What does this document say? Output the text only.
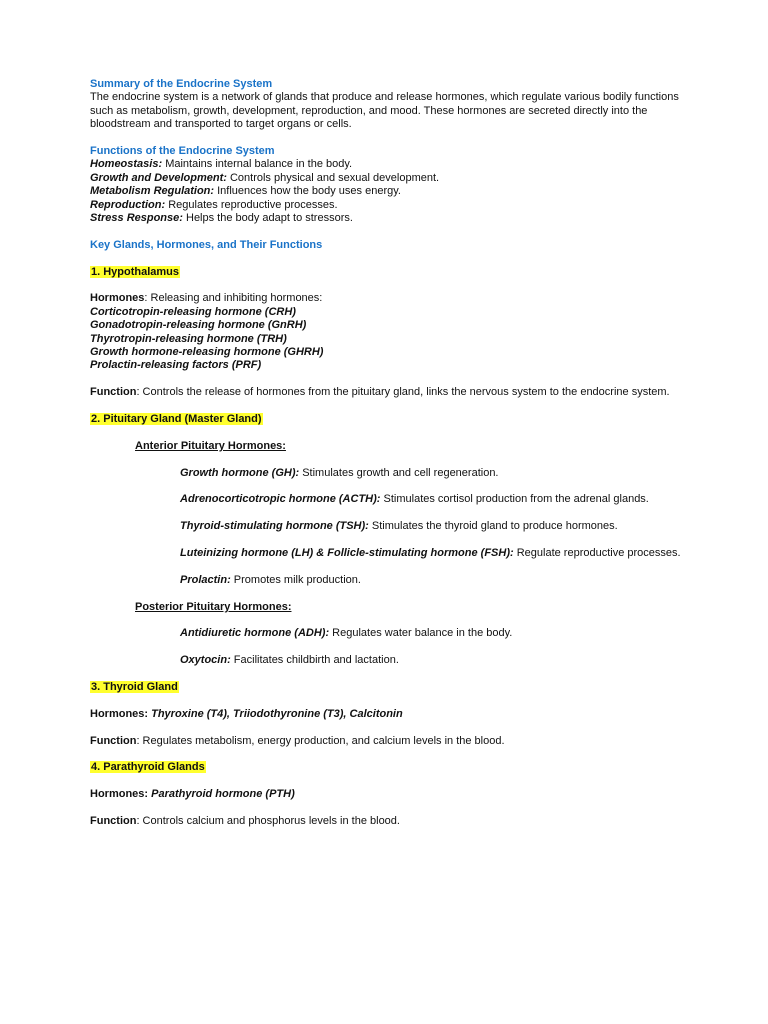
Summary of the Endocrine System

The endocrine system is a network of glands that produce and release hormones, which regulate various bodily functions such as metabolism, growth, development, reproduction, and mood. These hormones are secreted directly into the bloodstream and transported to target organs or cells.

Functions of the Endocrine System

Homeostasis: Maintains internal balance in the body.

Growth and Development: Controls physical and sexual development.

Metabolism Regulation: Influences how the body uses energy.

Reproduction: Regulates reproductive processes.

Stress Response: Helps the body adapt to stressors.

Key Glands, Hormones, and Their Functions

1. Hypothalamus

Hormones: Releasing and inhibiting hormones:

Corticotropin-releasing hormone (CRH)

Gonadotropin-releasing hormone (GnRH)

Thyrotropin-releasing hormone (TRH)

Growth hormone-releasing hormone (GHRH)

Prolactin-releasing factors (PRF)

Function: Controls the release of hormones from the pituitary gland, links the nervous system to the endocrine system.

2. Pituitary Gland (Master Gland)

Anterior Pituitary Hormones:

Growth hormone (GH): Stimulates growth and cell regeneration.

Adrenocorticotropic hormone (ACTH): Stimulates cortisol production from the adrenal glands.

Thyroid-stimulating hormone (TSH): Stimulates the thyroid gland to produce hormones.

Luteinizing hormone (LH) & Follicle-stimulating hormone (FSH): Regulate reproductive processes.

Prolactin: Promotes milk production.

Posterior Pituitary Hormones:

Antidiuretic hormone (ADH): Regulates water balance in the body.

Oxytocin: Facilitates childbirth and lactation.

3. Thyroid Gland

Hormones: Thyroxine (T4), Triiodothyronine (T3), Calcitonin

Function: Regulates metabolism, energy production, and calcium levels in the blood.

4. Parathyroid Glands

Hormones: Parathyroid hormone (PTH)

Function: Controls calcium and phosphorus levels in the blood.
